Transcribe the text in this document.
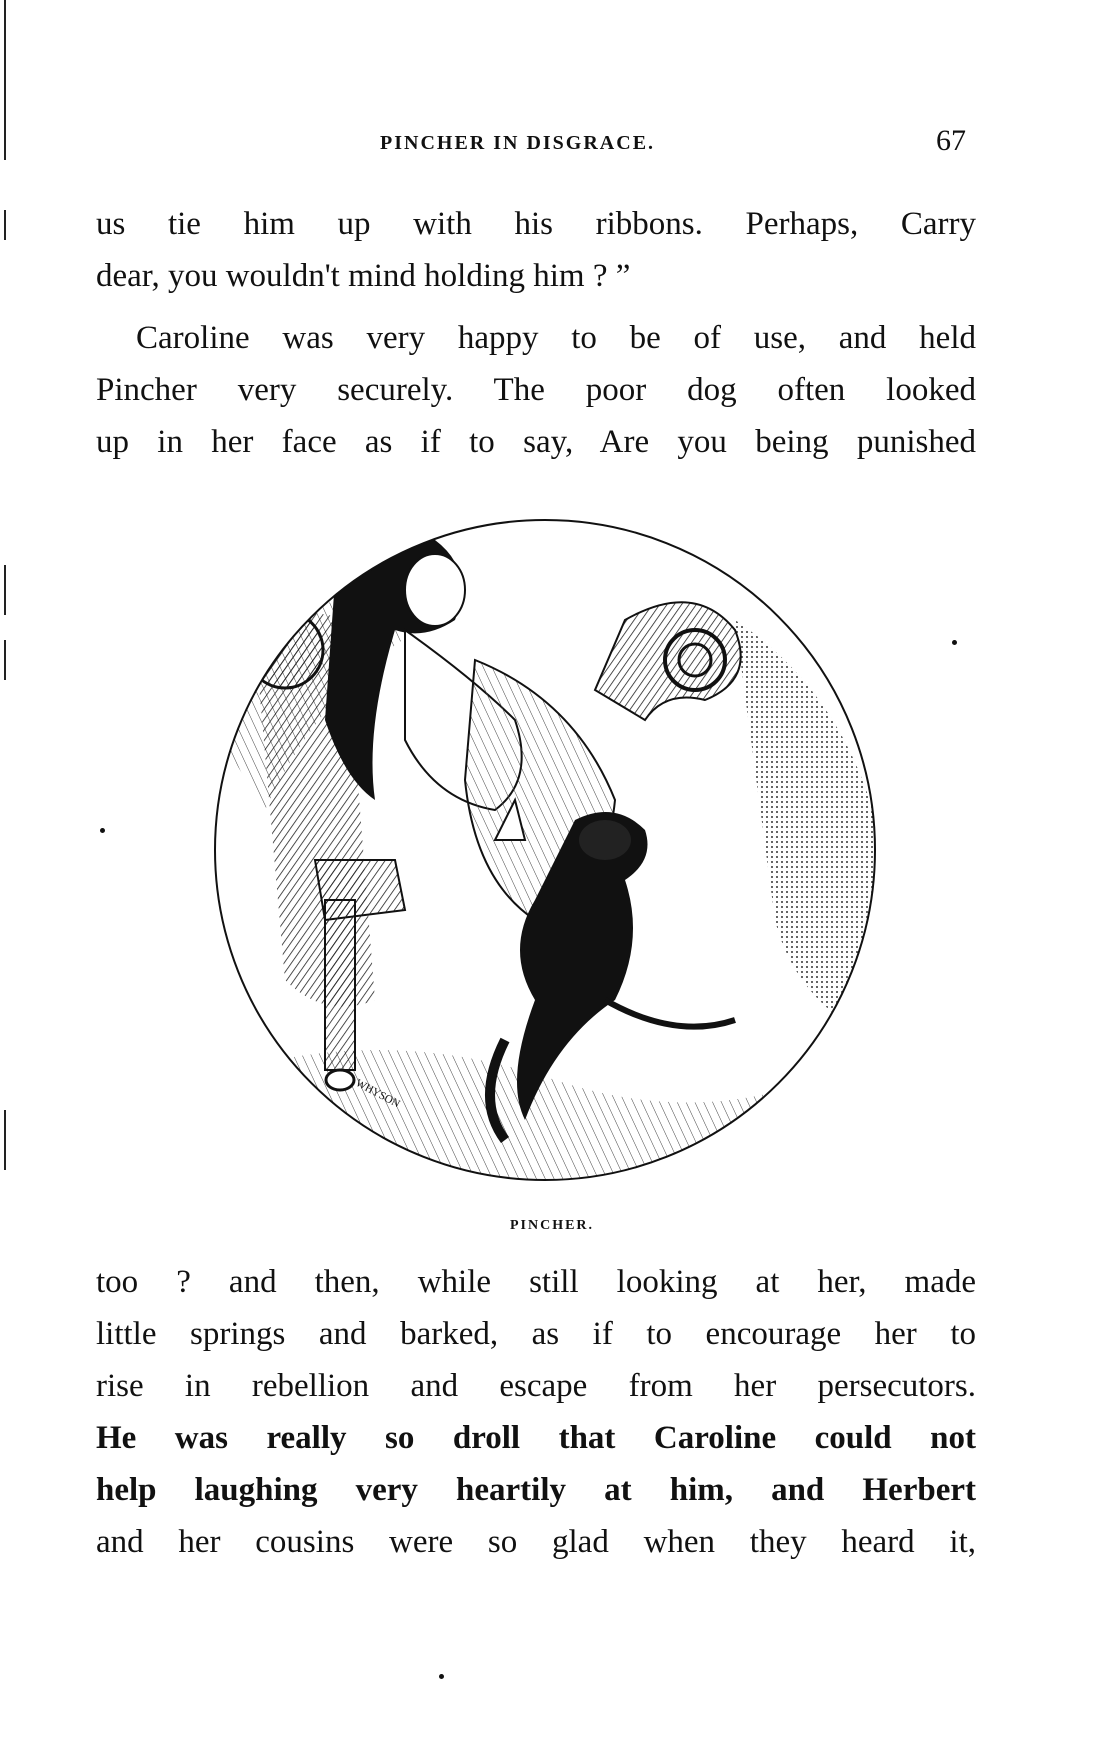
PINCHER IN DISGRACE.	67

us tie him up with his ribbons. Perhaps, Carry
dear, you wouldn't mind holding him ? ”

Caroline was very happy to be of use, and held
Pincher very securely. The poor dog often looked
up in her face as if to say, Are you being punished

WHYSON
PINCHER.

too ? and then, while still looking at her, made
little springs and barked, as if to encourage her to
rise in rebellion and escape from her persecutors.
He was really so droll that Caroline could not
help laughing very heartily at him, and Herbert
and her cousins were so glad when they heard it,
